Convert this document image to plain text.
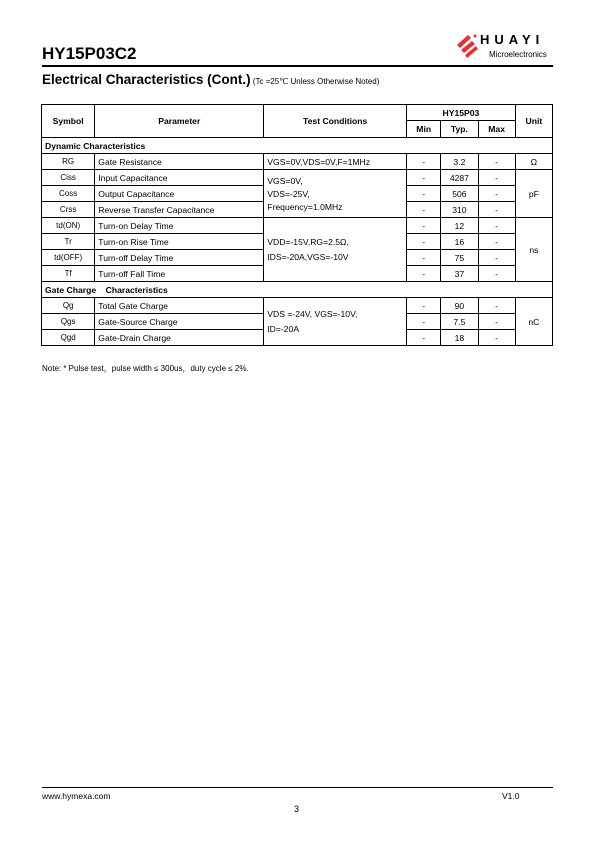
HY15P03C2
HUAYI
Microelectronics
Electrical Characteristics (Cont.) (Tc =25℃ Unless Otherwise Noted)
Symbol	Parameter	Test Conditions	HY15P03			Unit
			Min	Typ.	Max	
Dynamic Characteristics						
RG	Gate Resistance	VGS=0V,VDS=0V,F=1MHz	-	3.2	-	Ω
Ciss	Input Capacitance	VGS=0V,
VDS=-25V,
Frequency=1.0MHz	-	4287	-	pF
Coss	Output Capacitance		-	506	-	
Crss	Reverse Transfer Capacitance		-	310	-	
td(ON)	Turn-on Delay Time	VDD=-15V,RG=2.5Ω,
IDS=-20A,VGS=-10V	-	12	-	ns
Tr	Turn-on Rise Time		-	16	-	
td(OFF)	Turn-off Delay Time		-	75	-	
Tf	Turn-off Fall Time		-	37	-	
Gate Charge    Characteristics						
Qg	Total Gate Charge	VDS =-24V, VGS=-10V,
ID=-20A	-	90	-	nC
Qgs	Gate-Source Charge		-	7.5	-	
Qgd	Gate-Drain Charge		-	18	-	
Note: * Pulse test，pulse width ≤ 300us，duty cycle ≤ 2%.
www.hymexa.com	V1.0
3
